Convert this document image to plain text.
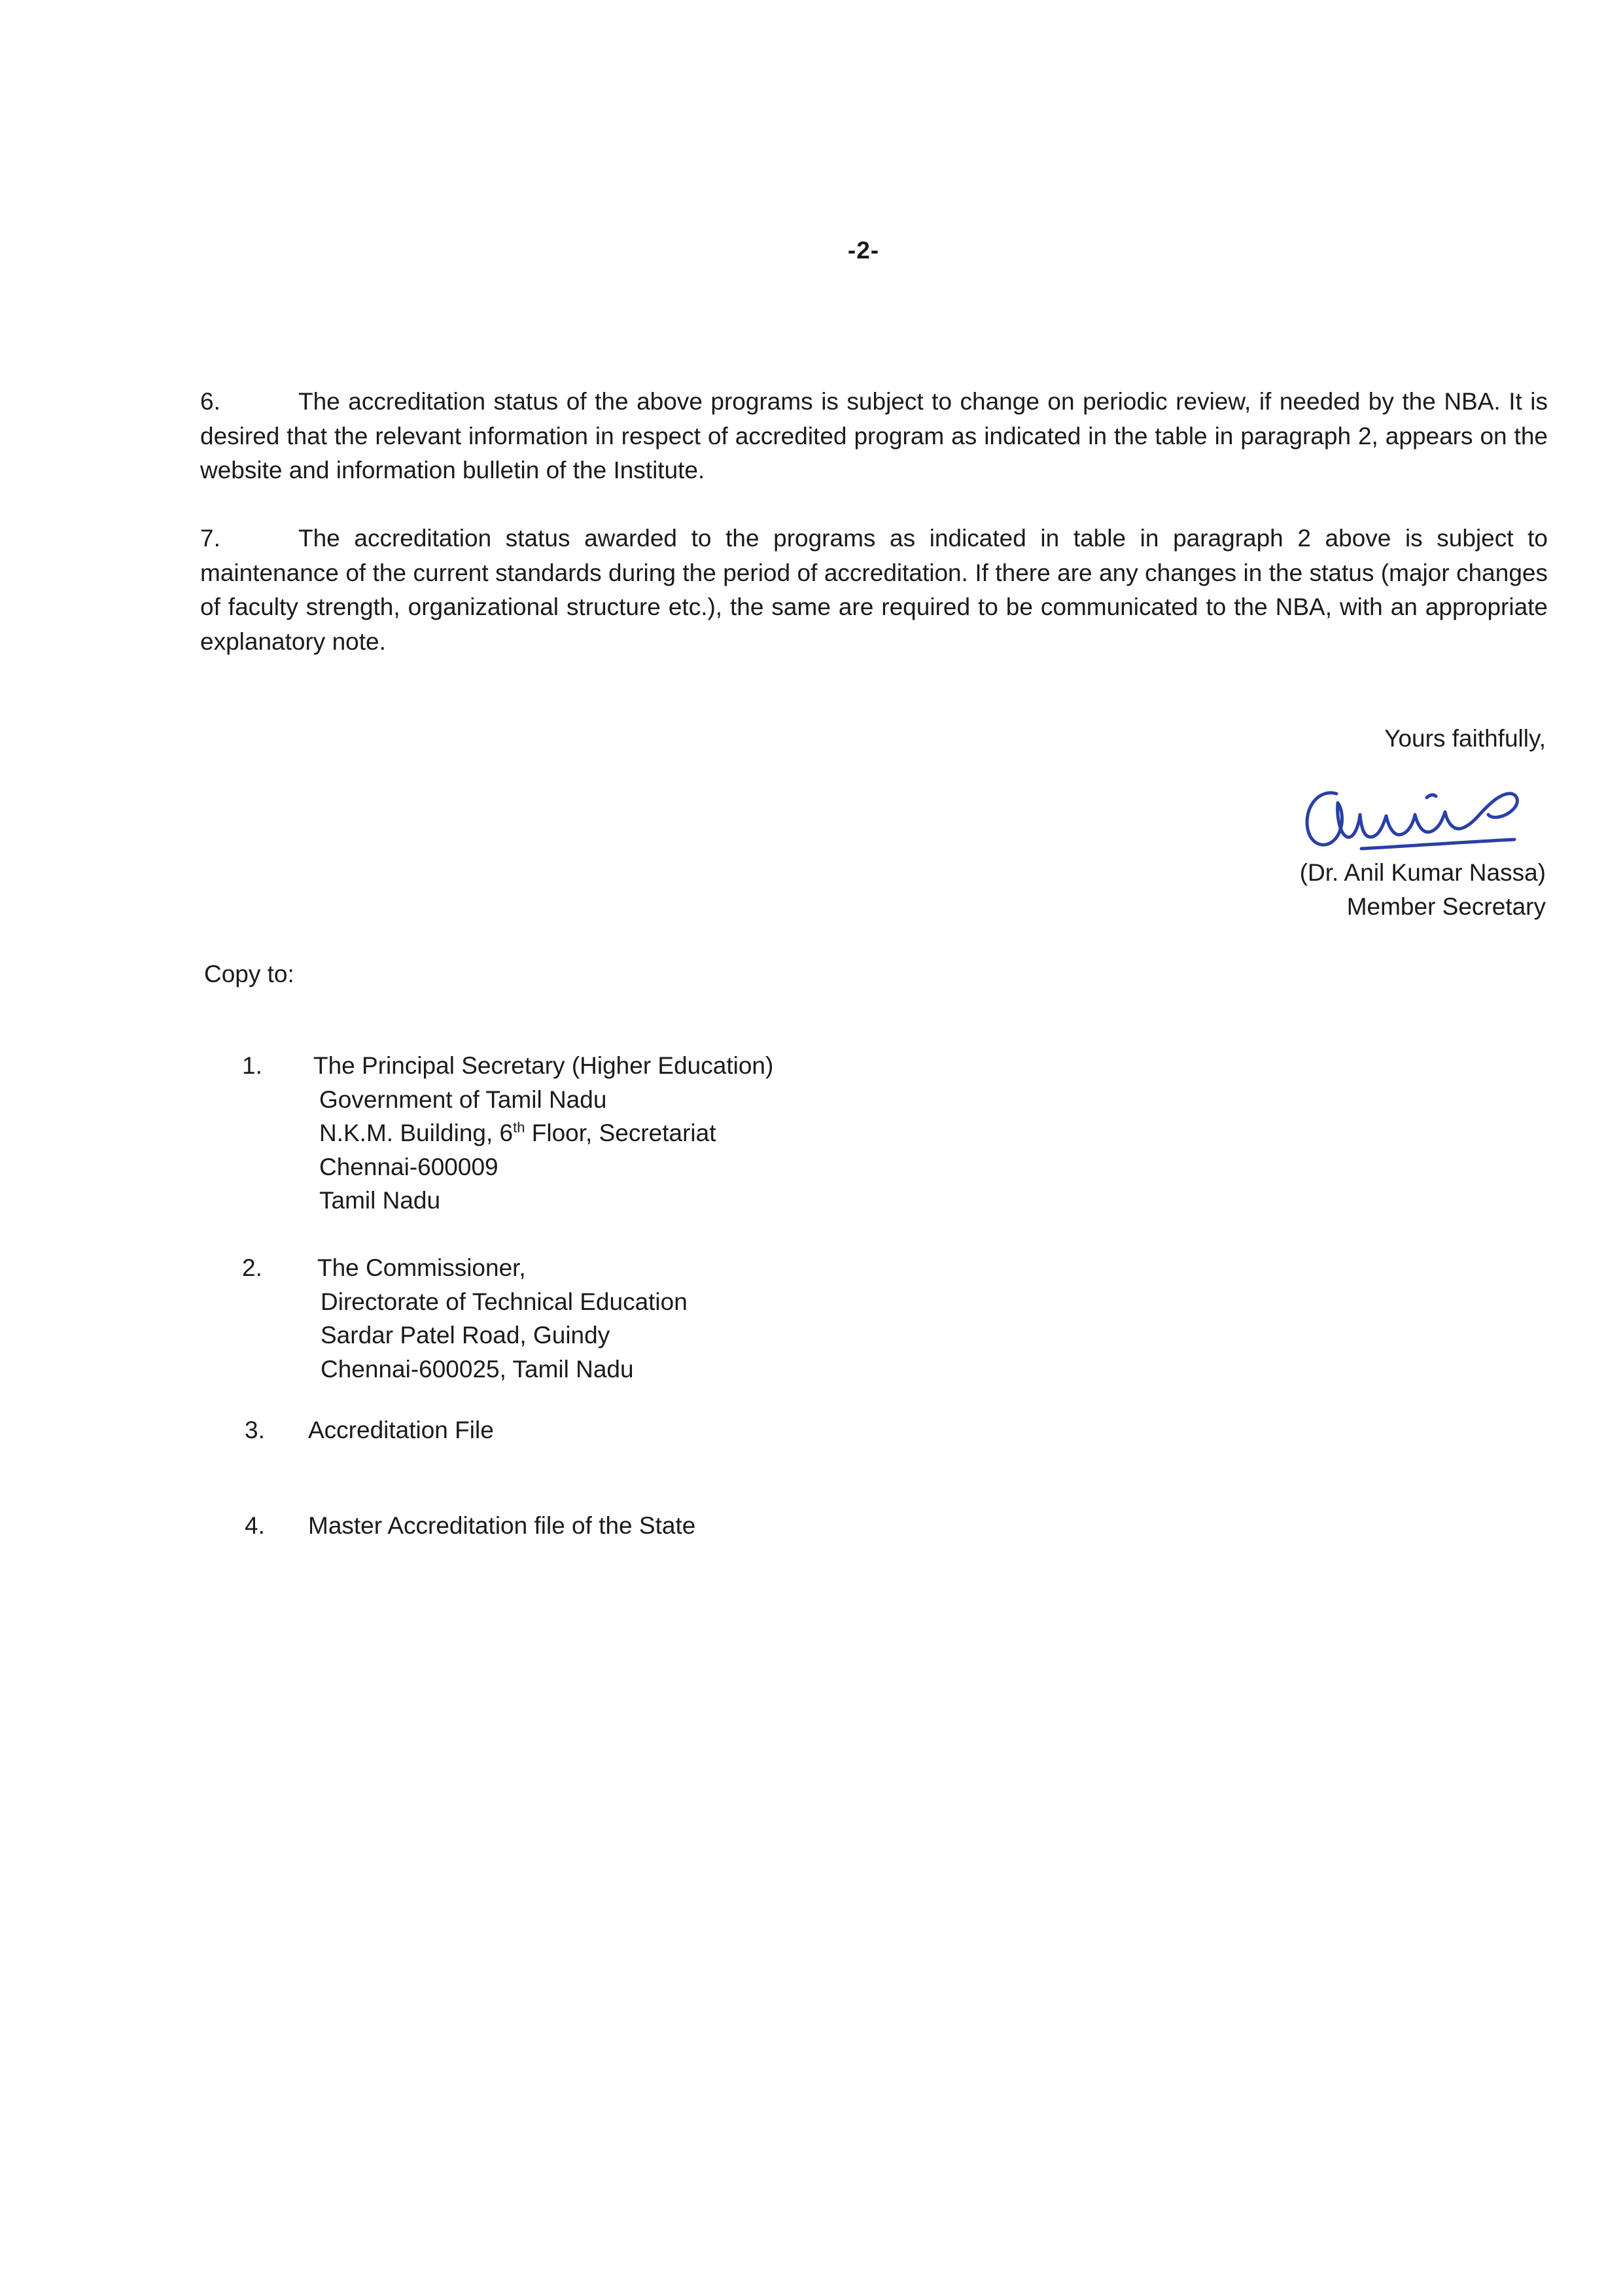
-2-
6.	The accreditation status of the above programs is subject to change on periodic review, if needed by the NBA. It is desired that the relevant information in respect of accredited program as indicated in the table in paragraph 2, appears on the website and information bulletin of the Institute.
7.	The accreditation status awarded to the programs as indicated in table in paragraph 2 above is subject to maintenance of the current standards during the period of accreditation. If there are any changes in the status (major changes of faculty strength, organizational structure etc.), the same are required to be communicated to the NBA, with an appropriate explanatory note.
Yours faithfully,
(Dr. Anil Kumar Nassa)
Member Secretary
Copy to:
1. The Principal Secretary (Higher Education)
Government of Tamil Nadu
N.K.M. Building, 6th Floor, Secretariat
Chennai-600009
Tamil Nadu
2. The Commissioner,
Directorate of Technical Education
Sardar Patel Road, Guindy
Chennai-600025, Tamil Nadu
3. Accreditation File
4. Master Accreditation file of the State
